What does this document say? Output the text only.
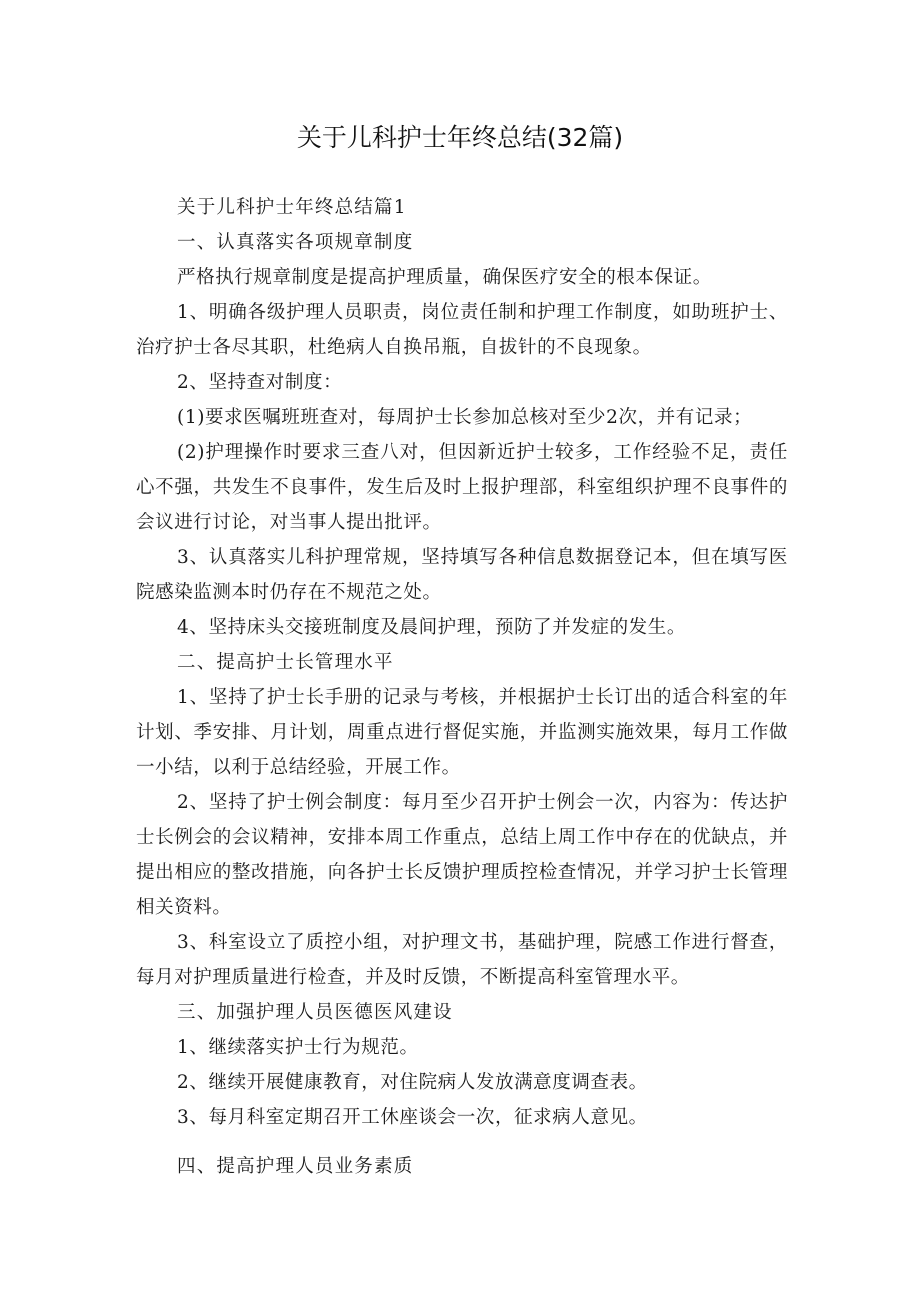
关于儿科护士年终总结(32篇)

关于儿科护士年终总结篇1

一、认真落实各项规章制度

严格执行规章制度是提高护理质量，确保医疗安全的根本保证。

1、明确各级护理人员职责，岗位责任制和护理工作制度，如助班护士、治疗护士各尽其职，杜绝病人自换吊瓶，自拔针的不良现象。

2、坚持查对制度：

(1)要求医嘱班班查对，每周护士长参加总核对至少2次，并有记录；

(2)护理操作时要求三查八对，但因新近护士较多，工作经验不足，责任心不强，共发生不良事件，发生后及时上报护理部，科室组织护理不良事件的会议进行讨论，对当事人提出批评。

3、认真落实儿科护理常规，坚持填写各种信息数据登记本，但在填写医院感染监测本时仍存在不规范之处。

4、坚持床头交接班制度及晨间护理，预防了并发症的发生。

二、提高护士长管理水平

1、坚持了护士长手册的记录与考核，并根据护士长订出的适合科室的年计划、季安排、月计划，周重点进行督促实施，并监测实施效果，每月工作做一小结，以利于总结经验，开展工作。

2、坚持了护士例会制度：每月至少召开护士例会一次，内容为：传达护士长例会的会议精神，安排本周工作重点，总结上周工作中存在的优缺点，并提出相应的整改措施，向各护士长反馈护理质控检查情况，并学习护士长管理相关资料。

3、科室设立了质控小组，对护理文书，基础护理，院感工作进行督查，每月对护理质量进行检查，并及时反馈，不断提高科室管理水平。

三、加强护理人员医德医风建设

1、继续落实护士行为规范。

2、继续开展健康教育，对住院病人发放满意度调查表。

3、每月科室定期召开工休座谈会一次，征求病人意见。

四、提高护理人员业务素质
